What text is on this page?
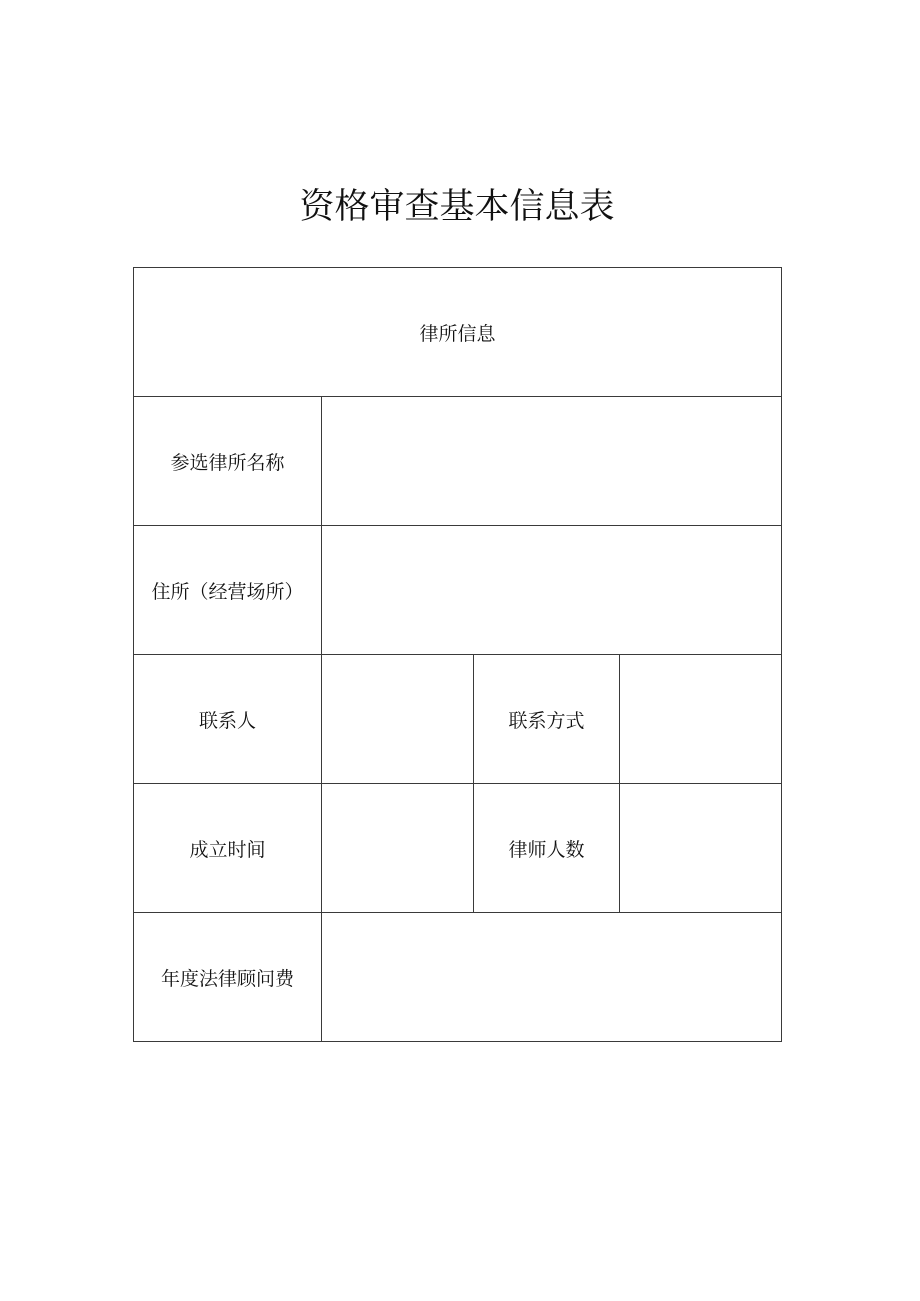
资格审查基本信息表
律所信息			
参选律所名称			
住所（经营场所）			
联系人		联系方式	
成立时间		律师人数	
年度法律顾问费			
